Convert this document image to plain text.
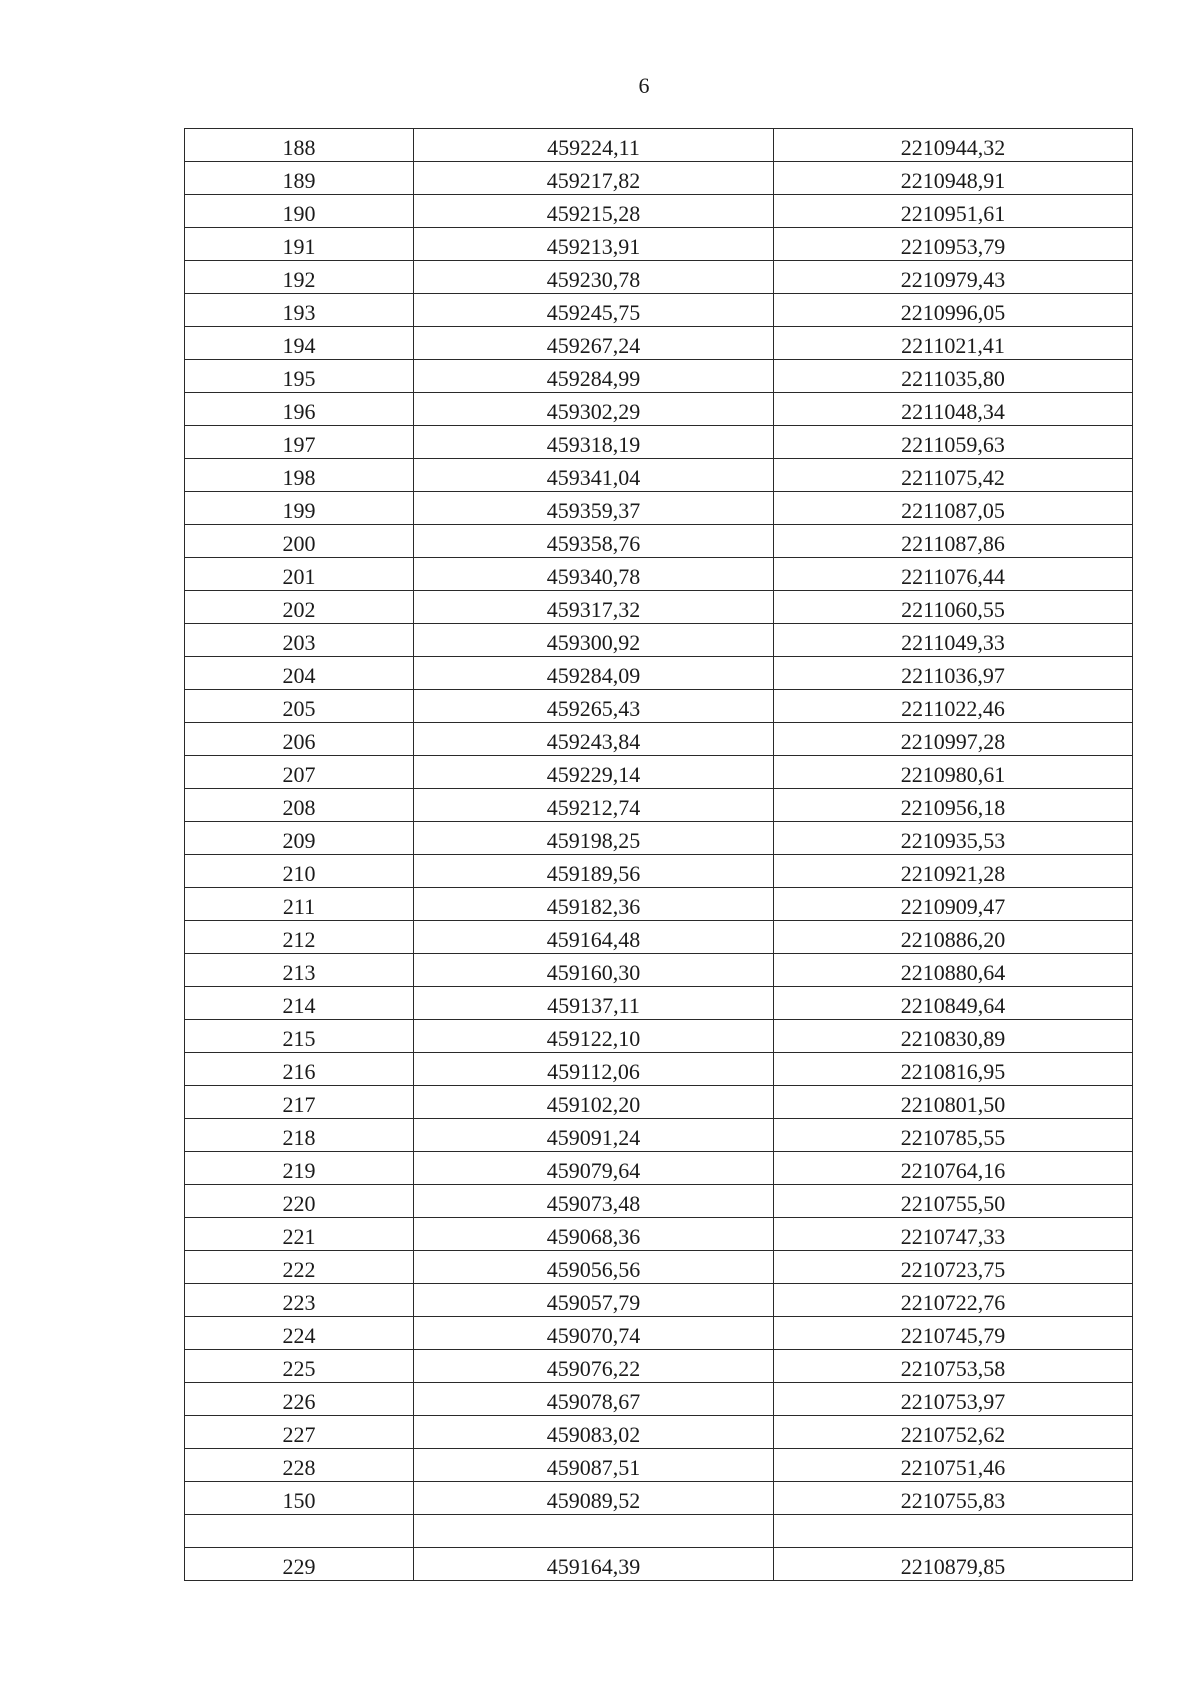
6
188	459224,11	2210944,32
189	459217,82	2210948,91
190	459215,28	2210951,61
191	459213,91	2210953,79
192	459230,78	2210979,43
193	459245,75	2210996,05
194	459267,24	2211021,41
195	459284,99	2211035,80
196	459302,29	2211048,34
197	459318,19	2211059,63
198	459341,04	2211075,42
199	459359,37	2211087,05
200	459358,76	2211087,86
201	459340,78	2211076,44
202	459317,32	2211060,55
203	459300,92	2211049,33
204	459284,09	2211036,97
205	459265,43	2211022,46
206	459243,84	2210997,28
207	459229,14	2210980,61
208	459212,74	2210956,18
209	459198,25	2210935,53
210	459189,56	2210921,28
211	459182,36	2210909,47
212	459164,48	2210886,20
213	459160,30	2210880,64
214	459137,11	2210849,64
215	459122,10	2210830,89
216	459112,06	2210816,95
217	459102,20	2210801,50
218	459091,24	2210785,55
219	459079,64	2210764,16
220	459073,48	2210755,50
221	459068,36	2210747,33
222	459056,56	2210723,75
223	459057,79	2210722,76
224	459070,74	2210745,79
225	459076,22	2210753,58
226	459078,67	2210753,97
227	459083,02	2210752,62
228	459087,51	2210751,46
150	459089,52	2210755,83

229	459164,39	2210879,85
